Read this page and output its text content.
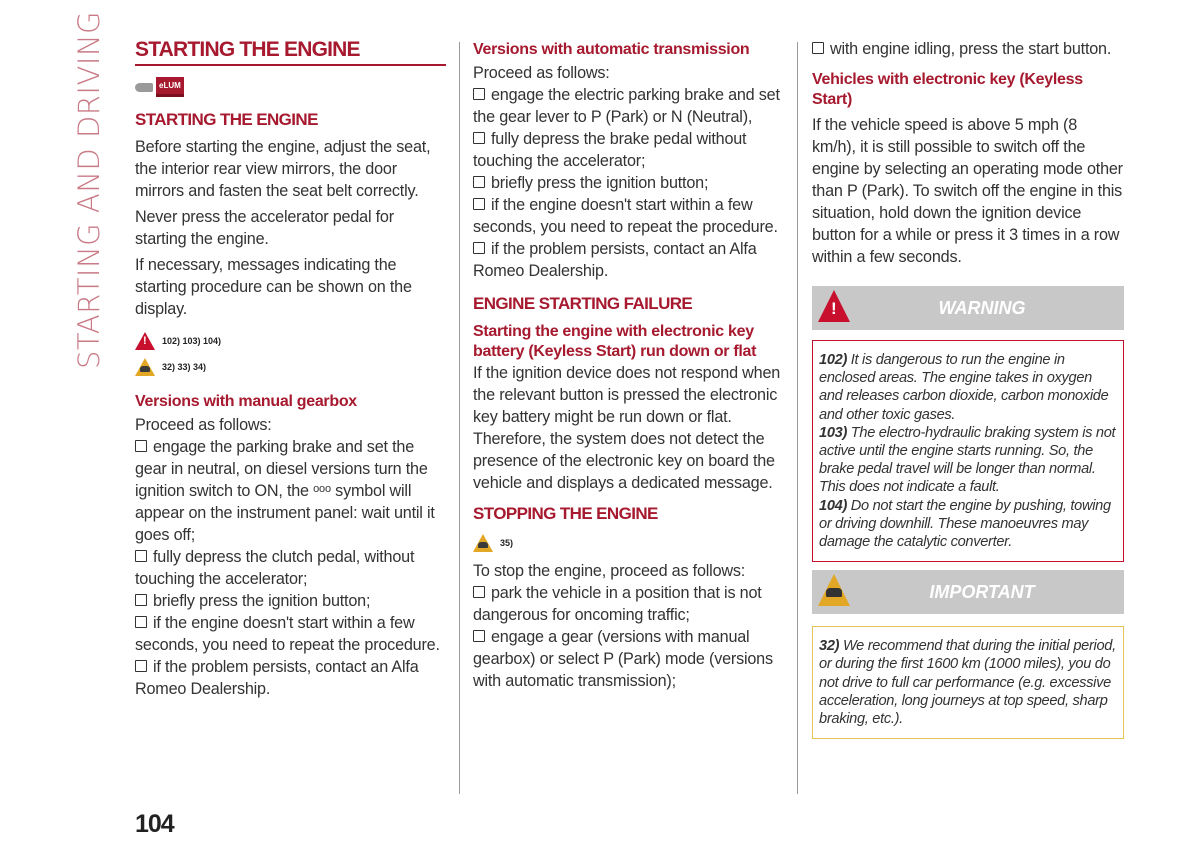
STARTING AND DRIVING STARTING THE ENGINE
eLUM
STARTING THE ENGINE

Before starting the engine, adjust the seat, the interior rear view mirrors, the door mirrors and fasten the seat belt correctly.

Never press the accelerator pedal for starting the engine.

If necessary, messages indicating the starting procedure can be shown on the display.

!
102) 103) 104)
32) 33) 34)
Versions with manual gearbox

Proceed as follows:

engage the parking brake and set the gear in neutral, on diesel versions turn the ignition switch to ON, the ᵒᵒᵒ symbol will appear on the instrument panel: wait until it goes off;

fully depress the clutch pedal, without touching the accelerator;

briefly press the ignition button;

if the engine doesn't start within a few seconds, you need to repeat the procedure.

if the problem persists, contact an Alfa Romeo Dealership.

Versions with automatic transmission

Proceed as follows:

engage the electric parking brake and set the gear lever to P (Park) or N (Neutral),

fully depress the brake pedal without touching the accelerator;

briefly press the ignition button;

if the engine doesn't start within a few seconds, you need to repeat the procedure.

if the problem persists, contact an Alfa Romeo Dealership.

ENGINE STARTING FAILURE
Starting the engine with electronic key battery (Keyless Start) run down or flat

If the ignition device does not respond when the relevant button is pressed the electronic key battery might be run down or flat. Therefore, the system does not detect the presence of the electronic key on board the vehicle and displays a dedicated message.

STOPPING THE ENGINE
35)

To stop the engine, proceed as follows:

park the vehicle in a position that is not dangerous for oncoming traffic;

engage a gear (versions with manual gearbox) or select P (Park) mode (versions with automatic transmission);

with engine idling, press the start button.

Vehicles with electronic key (Keyless Start)

If the vehicle speed is above 5 mph (8 km/h), it is still possible to switch off the engine by selecting an operating mode other than P (Park). To switch off the engine in this situation, hold down the ignition device button for a while or press it 3 times in a row within a few seconds.

!
WARNING

102) It is dangerous to run the engine in enclosed areas. The engine takes in oxygen and releases carbon dioxide, carbon monoxide and other toxic gases.

103) The electro-hydraulic braking system is not active until the engine starts running. So, the brake pedal travel will be longer than normal. This does not indicate a fault.

104) Do not start the engine by pushing, towing or driving downhill. These manoeuvres may damage the catalytic converter.

IMPORTANT

32) We recommend that during the initial period, or during the first 1600 km (1000 miles), you do not drive to full car performance (e.g. excessive acceleration, long journeys at top speed, sharp braking, etc.).

104
